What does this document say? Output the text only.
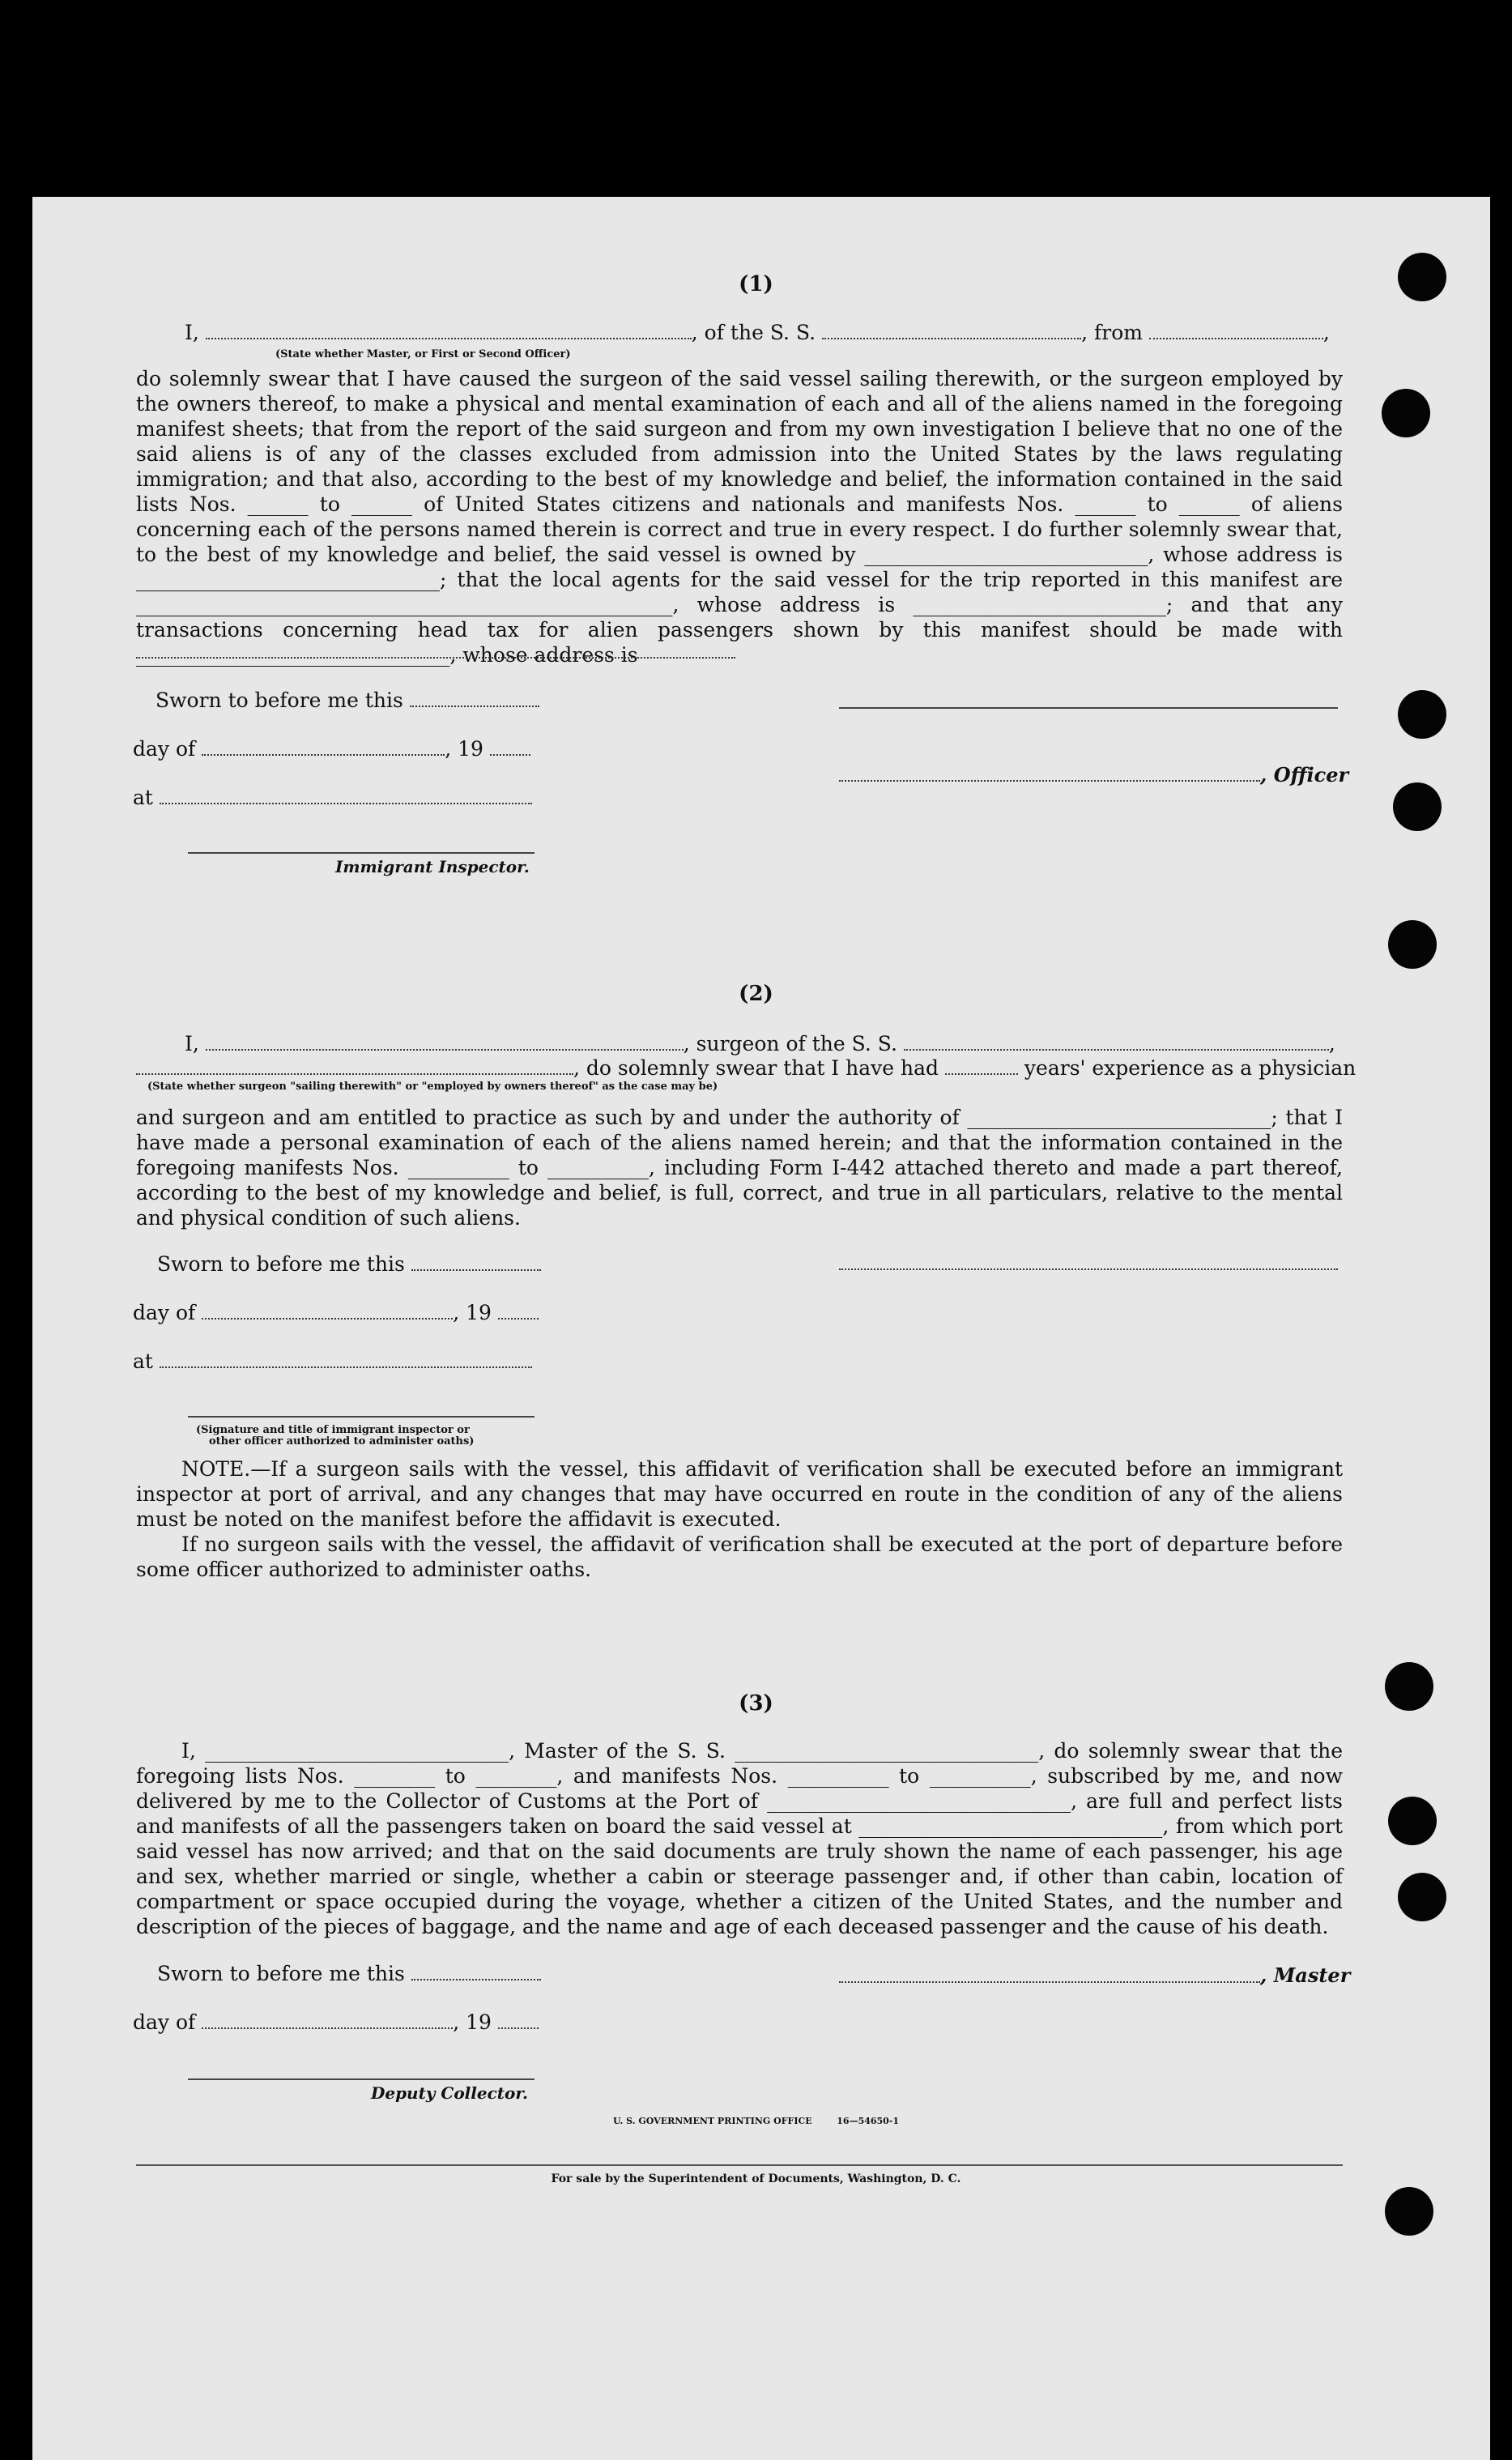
(1)
I,	, of the S. S.	, from	,
(State whether Master, or First or Second Officer)

do solemnly swear that I have caused the surgeon of the said vessel sailing therewith, or the surgeon employed by the owners thereof, to make a physical and mental examination of each and all of the aliens named in the foregoing manifest sheets; that from the report of the said surgeon and from my own investigation I believe that no one of the said aliens is of any of the classes excluded from admission into the United States by the laws regulating immigration; and that also, according to the best of my knowledge and belief, the information contained in the said lists Nos. ______ to ______ of United States citizens and nationals and manifests Nos. ______ to ______ of aliens concerning each of the persons named therein is correct and true in every respect. I do further solemnly swear that, to the best of my knowledge and belief, the said vessel is owned by ____________________________, whose address is ______________________________; that the local agents for the said vessel for the trip reported in this manifest are _____________________________________________________, whose address is _________________________; and that any transactions concerning head tax for alien passengers shown by this manifest should be made with _______________________________, whose address is

Sworn to before me this
day of	, 19
at
Immigrant Inspector.
, Officer
(2)
I,	, surgeon of the S. S.	,
, do solemnly swear that I have had	years' experience as a physician
(State whether surgeon "sailing therewith" or "employed by owners thereof" as the case may be)

and surgeon and am entitled to practice as such by and under the authority of ______________________________; that I have made a personal examination of each of the aliens named herein; and that the information contained in the foregoing manifests Nos. __________ to __________, including Form I-442 attached thereto and made a part thereof, according to the best of my knowledge and belief, is full, correct, and true in all particulars, relative to the mental and physical condition of such aliens.

Sworn to before me this
day of	, 19
at
(Signature and title of immigrant inspector or
other officer authorized to administer oaths)

NOTE.—If a surgeon sails with the vessel, this affidavit of verification shall be executed before an immigrant inspector at port of arrival, and any changes that may have occurred en route in the condition of any of the aliens must be noted on the manifest before the affidavit is executed.

If no surgeon sails with the vessel, the affidavit of verification shall be executed at the port of departure before some officer authorized to administer oaths.

(3)

I, ______________________________, Master of the S. S. ______________________________, do solemnly swear that the foregoing lists Nos. ________ to ________, and manifests Nos. __________ to __________, subscribed by me, and now delivered by me to the Collector of Customs at the Port of ______________________________, are full and perfect lists and manifests of all the passengers taken on board the said vessel at ______________________________, from which port said vessel has now arrived; and that on the said documents are truly shown the name of each passenger, his age and sex, whether married or single, whether a cabin or steerage passenger and, if other than cabin, location of compartment or space occupied during the voyage, whether a citizen of the United States, and the number and description of the pieces of baggage, and the name and age of each deceased passenger and the cause of his death.

Sworn to before me this
day of	, 19
, Master
Deputy Collector.
U. S. GOVERNMENT PRINTING OFFICE        16—54650-1
For sale by the Superintendent of Documents, Washington, D. C.
